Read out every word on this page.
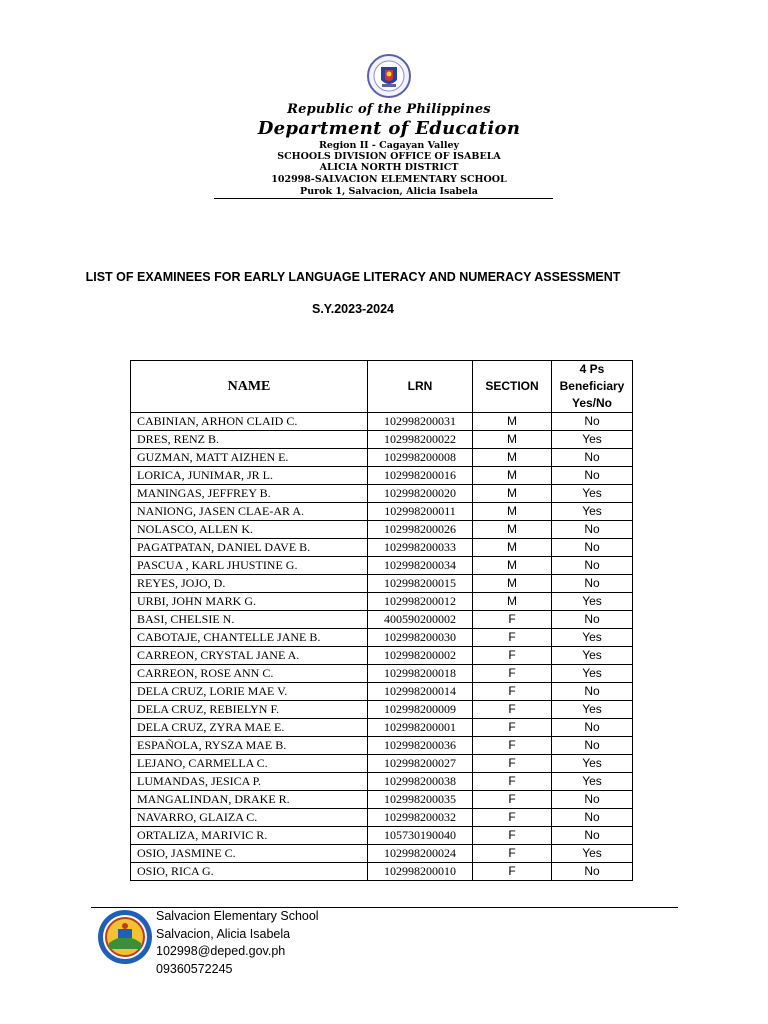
Republic of the Philippines

Department of Education

Region II - Cagayan Valley

SCHOOLS DIVISION OFFICE OF ISABELA

ALICIA NORTH DISTRICT

102998-SALVACION ELEMENTARY SCHOOL

Purok 1, Salvacion, Alicia Isabela

LIST OF EXAMINEES FOR EARLY LANGUAGE LITERACY AND NUMERACY ASSESSMENT
S.Y.2023-2024
NAME	LRN	SECTION	4 Ps
Beneficiary
Yes/No
CABINIAN, ARHON CLAID C.	102998200031	M	No
DRES, RENZ B.	102998200022	M	Yes
GUZMAN, MATT AIZHEN E.	102998200008	M	No
LORICA, JUNIMAR, JR L.	102998200016	M	No
MANINGAS, JEFFREY B.	102998200020	M	Yes
NANIONG, JASEN CLAE-AR A.	102998200011	M	Yes
NOLASCO, ALLEN K.	102998200026	M	No
PAGATPATAN, DANIEL DAVE B.	102998200033	M	No
PASCUA , KARL JHUSTINE G.	102998200034	M	No
REYES, JOJO, D.	102998200015	M	No
URBI, JOHN MARK G.	102998200012	M	Yes
BASI, CHELSIE N.	400590200002	F	No
CABOTAJE, CHANTELLE JANE B.	102998200030	F	Yes
CARREON, CRYSTAL JANE A.	102998200002	F	Yes
CARREON, ROSE ANN C.	102998200018	F	Yes
DELA CRUZ, LORIE MAE V.	102998200014	F	No
DELA CRUZ, REBIELYN F.	102998200009	F	Yes
DELA CRUZ, ZYRA MAE E.	102998200001	F	No
ESPAÑOLA, RYSZA MAE B.	102998200036	F	No
LEJANO, CARMELLA C.	102998200027	F	Yes
LUMANDAS, JESICA P.	102998200038	F	Yes
MANGALINDAN, DRAKE R.	102998200035	F	No
NAVARRO, GLAIZA C.	102998200032	F	No
ORTALIZA, MARIVIC R.	105730190040	F	No
OSIO, JASMINE C.	102998200024	F	Yes
OSIO, RICA G.	102998200010	F	No
Salvacion Elementary School
Salvacion, Alicia Isabela
102998@deped.gov.ph
09360572245
